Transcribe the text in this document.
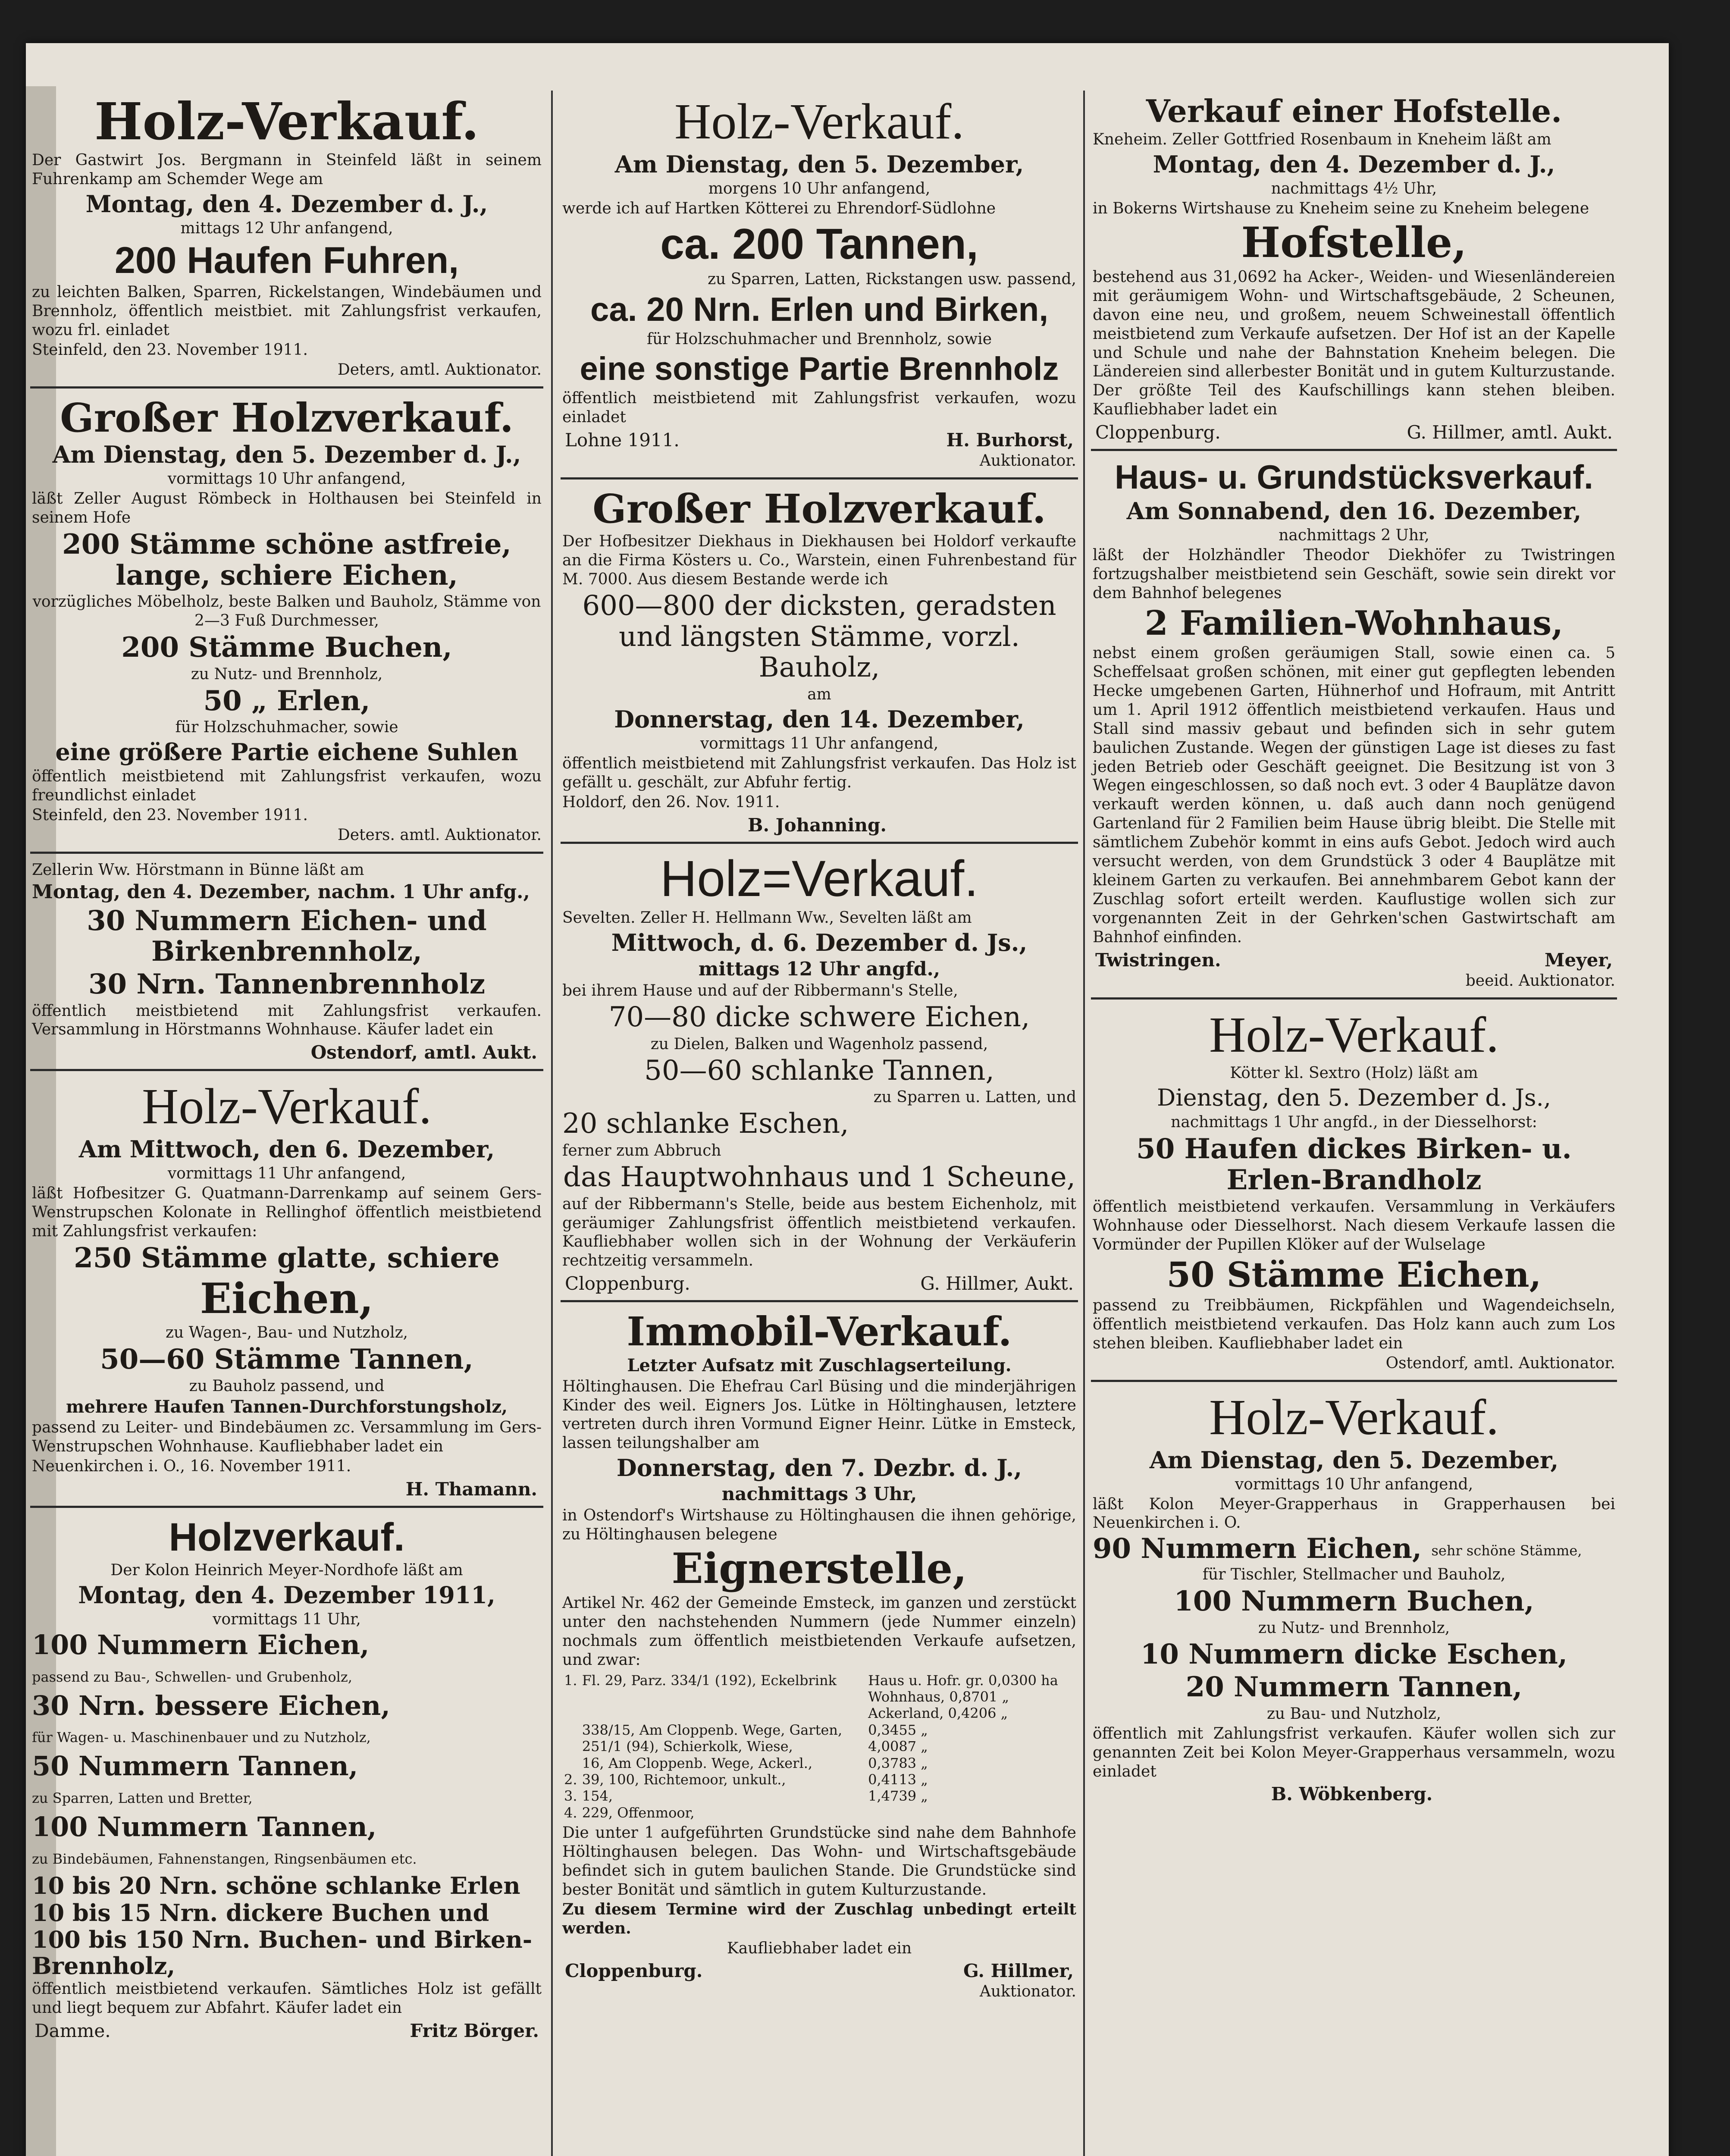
Holz-Verkauf.
Der Gastwirt Jos. Bergmann in Steinfeld läßt in seinem Fuhrenkamp am Schemder Wege am
Montag, den 4. Dezember d. J.,
mittags 12 Uhr anfangend,
200 Haufen Fuhren,
zu leichten Balken, Sparren, Rickelstangen, Windebäumen und Brennholz, öffentlich meistbiet. mit Zahlungsfrist verkaufen, wozu frl. einladet
Steinfeld, den 23. November 1911.
Deters, amtl. Auktionator.
Großer Holzverkauf.
Am Dienstag, den 5. Dezember d. J.,
vormittags 10 Uhr anfangend,
läßt Zeller August Römbeck in Holthausen bei Steinfeld in seinem Hofe
200 Stämme schöne astfreie, lange, schiere Eichen,
vorzügliches Möbelholz, beste Balken und Bauholz, Stämme von 2—3 Fuß Durchmesser,
200 Stämme Buchen,
zu Nutz- und Brennholz,
50 „ Erlen,
für Holzschuhmacher, sowie
eine größere Partie eichene Suhlen
öffentlich meistbietend mit Zahlungsfrist verkaufen, wozu freundlichst einladet
Steinfeld, den 23. November 1911.
Deters. amtl. Auktionator.
Zellerin Ww. Hörstmann in Bünne läßt am
Montag, den 4. Dezember, nachm. 1 Uhr anfg.,
30 Nummern Eichen- und Birkenbrennholz,
30 Nrn. Tannenbrennholz
öffentlich meistbietend mit Zahlungsfrist verkaufen. Versammlung in Hörstmanns Wohnhause. Käufer ladet ein
Ostendorf, amtl. Aukt.
Holz-Verkauf.
Am Mittwoch, den 6. Dezember,
vormittags 11 Uhr anfangend,
läßt Hofbesitzer G. Quatmann-Darrenkamp auf seinem Gers-Wenstrupschen Kolonate in Rellinghof öffentlich meistbietend mit Zahlungsfrist verkaufen:
250 Stämme glatte, schiere
Eichen,
zu Wagen-, Bau- und Nutzholz,
50—60 Stämme Tannen,
zu Bauholz passend, und
mehrere Haufen Tannen-Durchforstungsholz,
passend zu Leiter- und Bindebäumen zc. Versammlung im Gers-Wenstrupschen Wohnhause. Kaufliebhaber ladet ein
Neuenkirchen i. O., 16. November 1911.
H. Thamann.
Holzverkauf.
Der Kolon Heinrich Meyer-Nordhofe läßt am
Montag, den 4. Dezember 1911,
vormittags 11 Uhr,
100 Nummern Eichen, passend zu Bau-, Schwellen- und Grubenholz,
30 Nrn. bessere Eichen, für Wagen- u. Maschinenbauer und zu Nutzholz,
50 Nummern Tannen, zu Sparren, Latten und Bretter,
100 Nummern Tannen, zu Bindebäumen, Fahnenstangen, Ringsenbäumen etc.
10 bis 20 Nrn. schöne schlanke Erlen
10 bis 15 Nrn. dickere Buchen und
100 bis 150 Nrn. Buchen- und Birken-Brennholz,
öffentlich meistbietend verkaufen. Sämtliches Holz ist gefällt und liegt bequem zur Abfahrt. Käufer ladet ein
Damme.	Fritz Börger.
Holz-Verkauf.
Am Dienstag, den 5. Dezember,
morgens 10 Uhr anfangend,
werde ich auf Hartken Kötterei zu Ehrendorf-Südlohne
ca. 200 Tannen,
zu Sparren, Latten, Rickstangen usw. passend,
ca. 20 Nrn. Erlen und Birken,
für Holzschuhmacher und Brennholz, sowie
eine sonstige Partie Brennholz
öffentlich meistbietend mit Zahlungsfrist verkaufen, wozu einladet
Lohne 1911.	H. Burhorst,
Auktionator.
Großer Holzverkauf.
Der Hofbesitzer Diekhaus in Diekhausen bei Holdorf verkaufte an die Firma Kösters u. Co., Warstein, einen Fuhrenbestand für M. 7000. Aus diesem Bestande werde ich
600—800 der dicksten, geradsten und längsten Stämme, vorzl. Bauholz,
am
Donnerstag, den 14. Dezember,
vormittags 11 Uhr anfangend,
öffentlich meistbietend mit Zahlungsfrist verkaufen. Das Holz ist gefällt u. geschält, zur Abfuhr fertig.
Holdorf, den 26. Nov. 1911.
B. Johanning.
Holz=Verkauf.
Sevelten. Zeller H. Hellmann Ww., Sevelten läßt am
Mittwoch, d. 6. Dezember d. Js.,
mittags 12 Uhr angfd.,
bei ihrem Hause und auf der Ribbermann's Stelle,
70—80 dicke schwere Eichen,
zu Dielen, Balken und Wagenholz passend,
50—60 schlanke Tannen,
zu Sparren u. Latten, und
20 schlanke Eschen,
ferner zum Abbruch
das Hauptwohnhaus und 1 Scheune,
auf der Ribbermann's Stelle, beide aus bestem Eichenholz, mit geräumiger Zahlungsfrist öffentlich meistbietend verkaufen. Kaufliebhaber wollen sich in der Wohnung der Verkäuferin rechtzeitig versammeln.
Cloppenburg.	G. Hillmer, Aukt.
Immobil-Verkauf.
Letzter Aufsatz mit Zuschlagserteilung.
Höltinghausen. Die Ehefrau Carl Büsing und die minderjährigen Kinder des weil. Eigners Jos. Lütke in Höltinghausen, letztere vertreten durch ihren Vormund Eigner Heinr. Lütke in Emsteck, lassen teilungshalber am
Donnerstag, den 7. Dezbr. d. J.,
nachmittags 3 Uhr,
in Ostendorf's Wirtshause zu Höltinghausen die ihnen gehörige, zu Höltinghausen belegene
Eignerstelle,
Artikel Nr. 462 der Gemeinde Emsteck, im ganzen und zerstückt unter den nachstehenden Nummern (jede Nummer einzeln) nochmals zum öffentlich meistbietenden Verkaufe aufsetzen, und zwar:
1.	Fl. 29, Parz. 334/1 (192), Eckelbrink	Haus u. Hofr. gr. 0,0300 ha
		Wohnhaus, 0,8701 „
		Ackerland, 0,4206 „
	338/15, Am Cloppenb. Wege, Garten,	0,3455 „
	251/1 (94), Schierkolk, Wiese,	4,0087 „
	16, Am Cloppenb. Wege, Ackerl.,	0,3783 „
2.	39, 100, Richtemoor, unkult.,	0,4113 „
3.	154,	1,4739 „
4.	229, Offenmoor,	
Die unter 1 aufgeführten Grundstücke sind nahe dem Bahnhofe Höltinghausen belegen. Das Wohn- und Wirtschaftsgebäude befindet sich in gutem baulichen Stande. Die Grundstücke sind bester Bonität und sämtlich in gutem Kulturzustande.
Zu diesem Termine wird der Zuschlag unbedingt erteilt werden.
Kaufliebhaber ladet ein
Cloppenburg.	G. Hillmer,
Auktionator.
Verkauf einer Hofstelle.
Kneheim. Zeller Gottfried Rosenbaum in Kneheim läßt am
Montag, den 4. Dezember d. J.,
nachmittags 4½ Uhr,
in Bokerns Wirtshause zu Kneheim seine zu Kneheim belegene
Hofstelle,
bestehend aus 31,0692 ha Acker-, Weiden- und Wiesenländereien mit geräumigem Wohn- und Wirtschaftsgebäude, 2 Scheunen, davon eine neu, und großem, neuem Schweinestall öffentlich meistbietend zum Verkaufe aufsetzen. Der Hof ist an der Kapelle und Schule und nahe der Bahnstation Kneheim belegen. Die Ländereien sind allerbester Bonität und in gutem Kulturzustande. Der größte Teil des Kaufschillings kann stehen bleiben. Kaufliebhaber ladet ein
Cloppenburg.	G. Hillmer, amtl. Aukt.
Haus- u. Grundstücksverkauf.
Am Sonnabend, den 16. Dezember,
nachmittags 2 Uhr,
läßt der Holzhändler Theodor Diekhöfer zu Twistringen fortzugshalber meistbietend sein Geschäft, sowie sein direkt vor dem Bahnhof belegenes
2 Familien-Wohnhaus,
nebst einem großen geräumigen Stall, sowie einen ca. 5 Scheffelsaat großen schönen, mit einer gut gepflegten lebenden Hecke umgebenen Garten, Hühnerhof und Hofraum, mit Antritt um 1. April 1912 öffentlich meistbietend verkaufen. Haus und Stall sind massiv gebaut und befinden sich in sehr gutem baulichen Zustande. Wegen der günstigen Lage ist dieses zu fast jeden Betrieb oder Geschäft geeignet. Die Besitzung ist von 3 Wegen eingeschlossen, so daß noch evt. 3 oder 4 Bauplätze davon verkauft werden können, u. daß auch dann noch genügend Gartenland für 2 Familien beim Hause übrig bleibt. Die Stelle mit sämtlichem Zubehör kommt in eins aufs Gebot. Jedoch wird auch versucht werden, von dem Grundstück 3 oder 4 Bauplätze mit kleinem Garten zu verkaufen. Bei annehmbarem Gebot kann der Zuschlag sofort erteilt werden. Kauflustige wollen sich zur vorgenannten Zeit in der Gehrken'schen Gastwirtschaft am Bahnhof einfinden.
Twistringen.	Meyer,
beeid. Auktionator.
Holz-Verkauf.
Kötter kl. Sextro (Holz) läßt am
Dienstag, den 5. Dezember d. Js.,
nachmittags 1 Uhr angfd., in der Diesselhorst:
50 Haufen dickes Birken- u. Erlen-Brandholz
öffentlich meistbietend verkaufen. Versammlung in Verkäufers Wohnhause oder Diesselhorst. Nach diesem Verkaufe lassen die Vormünder der Pupillen Klöker auf der Wulselage
50 Stämme Eichen,
passend zu Treibbäumen, Rickpfählen und Wagendeichseln, öffentlich meistbietend verkaufen. Das Holz kann auch zum Los stehen bleiben. Kaufliebhaber ladet ein
Ostendorf, amtl. Auktionator.
Holz-Verkauf.
Am Dienstag, den 5. Dezember,
vormittags 10 Uhr anfangend,
läßt Kolon Meyer-Grapperhaus in Grapperhausen bei Neuenkirchen i. O.
90 Nummern Eichen, sehr schöne Stämme,
für Tischler, Stellmacher und Bauholz,
100 Nummern Buchen,
zu Nutz- und Brennholz,
10 Nummern dicke Eschen,
20 Nummern Tannen,
zu Bau- und Nutzholz,
öffentlich mit Zahlungsfrist verkaufen. Käufer wollen sich zur genannten Zeit bei Kolon Meyer-Grapperhaus versammeln, wozu einladet
B. Wöbkenberg.
